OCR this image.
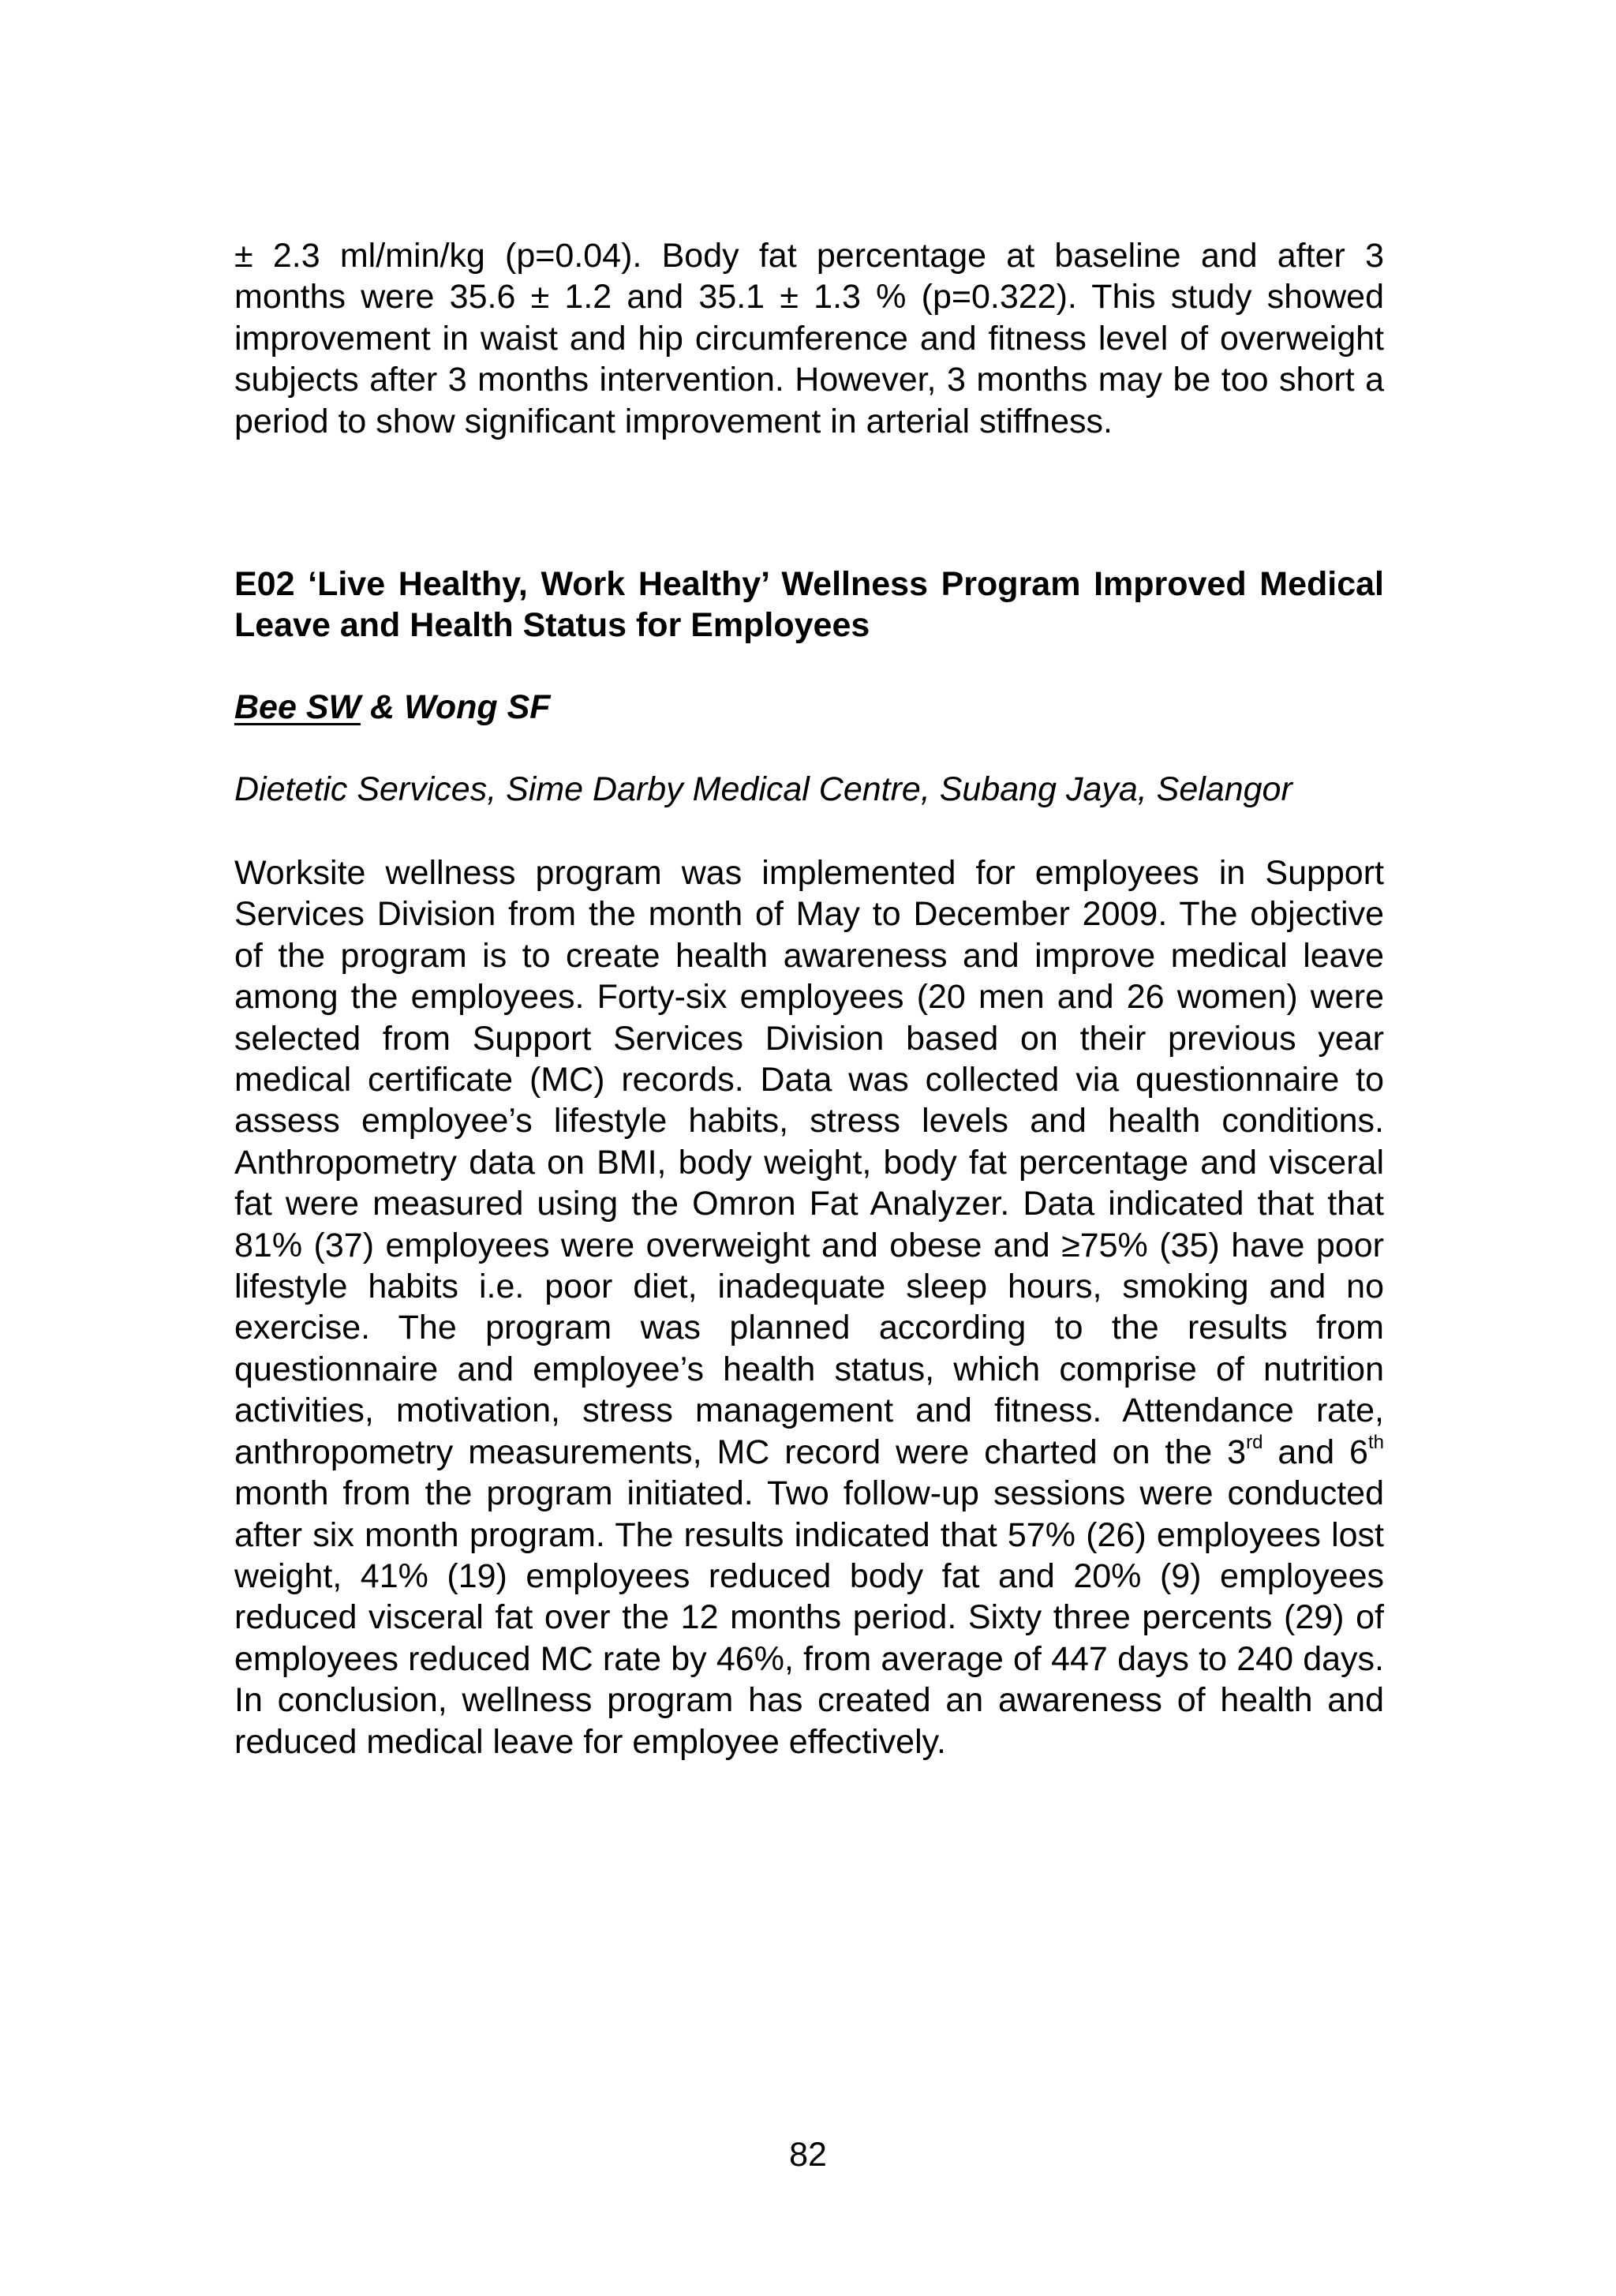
± 2.3 ml/min/kg (p=0.04). Body fat percentage at baseline and after 3 months were 35.6 ± 1.2 and 35.1 ± 1.3 % (p=0.322). This study showed improvement in waist and hip circumference and fitness level of overweight subjects after 3 months intervention. However, 3 months may be too short a period to show significant improvement in arterial stiffness.

E02 ‘Live Healthy, Work Healthy’ Wellness Program Improved Medical Leave and Health Status for Employees

Bee SW & Wong SF

Dietetic Services, Sime Darby Medical Centre, Subang Jaya, Selangor

Worksite wellness program was implemented for employees in Support Services Division from the month of May to December 2009. The objective of the program is to create health awareness and improve medical leave among the employees. Forty-six employees (20 men and 26 women) were selected from Support Services Division based on their previous year medical certificate (MC) records. Data was collected via questionnaire to assess employee’s lifestyle habits, stress levels and health conditions. Anthropometry data on BMI, body weight, body fat percentage and visceral fat were measured using the Omron Fat Analyzer. Data indicated that that 81% (37) employees were overweight and obese and ≥75% (35) have poor lifestyle habits i.e. poor diet, inadequate sleep hours, smoking and no exercise. The program was planned according to the results from questionnaire and employee’s health status, which comprise of nutrition activities, motivation, stress management and fitness. Attendance rate, anthropometry measurements, MC record were charted on the 3rd and 6th month from the program initiated. Two follow-up sessions were conducted after six month program. The results indicated that 57% (26) employees lost weight, 41% (19) employees reduced body fat and 20% (9) employees reduced visceral fat over the 12 months period. Sixty three percents (29) of employees reduced MC rate by 46%, from average of 447 days to 240 days. In conclusion, wellness program has created an awareness of health and reduced medical leave for employee effectively.

82
